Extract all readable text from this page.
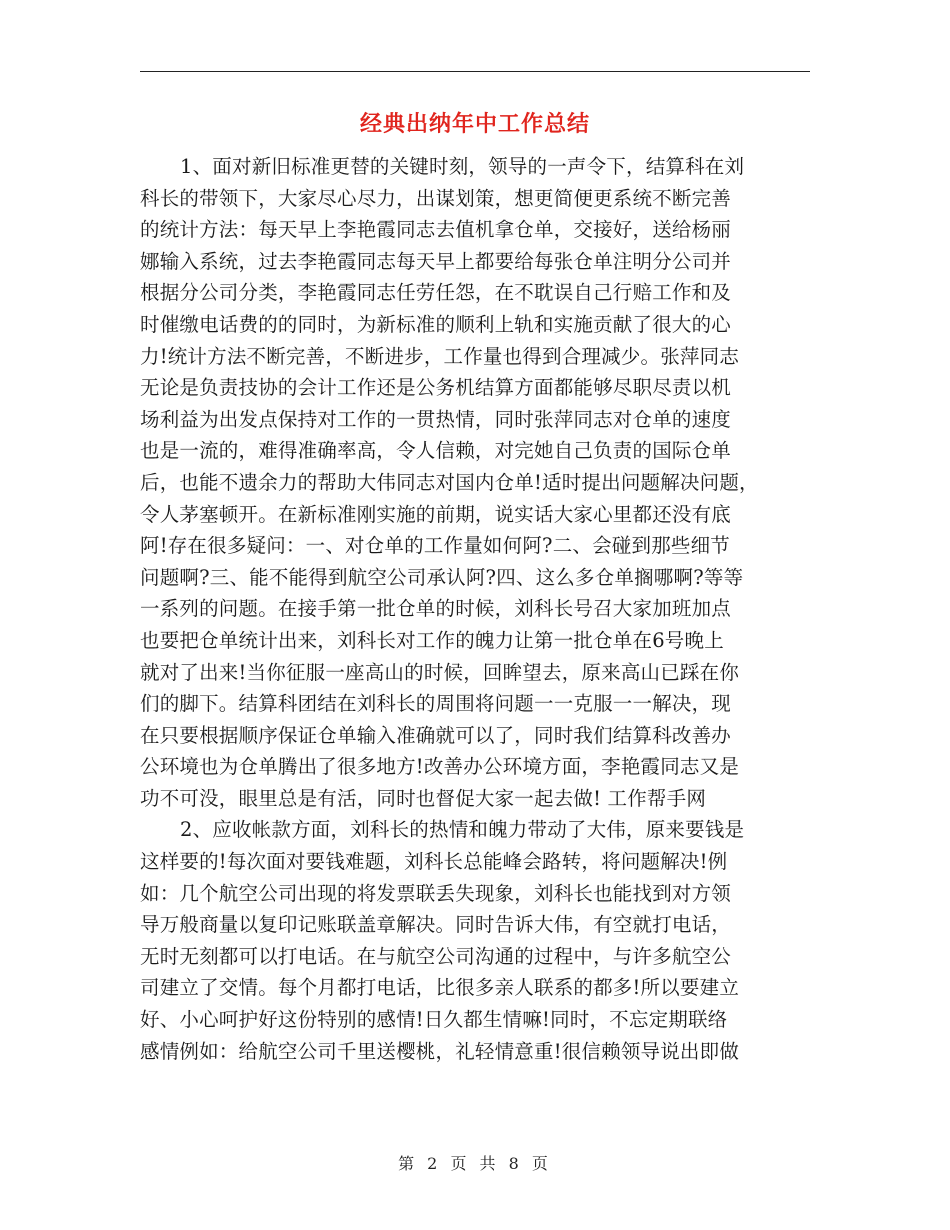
经典出纳年中工作总结
1、面对新旧标准更替的关键时刻，领导的一声令下，结算科在刘
科长的带领下，大家尽心尽力，出谋划策，想更简便更系统不断完善
的统计方法：每天早上李艳霞同志去值机拿仓单，交接好，送给杨丽
娜输入系统，过去李艳霞同志每天早上都要给每张仓单注明分公司并
根据分公司分类，李艳霞同志任劳任怨，在不耽误自己行赔工作和及
时催缴电话费的的同时，为新标准的顺利上轨和实施贡献了很大的心
力!统计方法不断完善，不断进步，工作量也得到合理减少。张萍同志
无论是负责技协的会计工作还是公务机结算方面都能够尽职尽责以机
场利益为出发点保持对工作的一贯热情，同时张萍同志对仓单的速度
也是一流的，难得准确率高，令人信赖，对完她自己负责的国际仓单
后，也能不遗余力的帮助大伟同志对国内仓单!适时提出问题解决问题，
令人茅塞顿开。在新标准刚实施的前期，说实话大家心里都还没有底
阿!存在很多疑问：一、对仓单的工作量如何阿?二、会碰到那些细节
问题啊?三、能不能得到航空公司承认阿?四、这么多仓单搁哪啊?等等
一系列的问题。在接手第一批仓单的时候，刘科长号召大家加班加点
也要把仓单统计出来，刘科长对工作的魄力让第一批仓单在6号晚上
就对了出来!当你征服一座高山的时候，回眸望去，原来高山已踩在你
们的脚下。结算科团结在刘科长的周围将问题一一克服一一解决，现
在只要根据顺序保证仓单输入准确就可以了，同时我们结算科改善办
公环境也为仓单腾出了很多地方!改善办公环境方面，李艳霞同志又是
功不可没，眼里总是有活，同时也督促大家一起去做! 工作帮手网
2、应收帐款方面，刘科长的热情和魄力带动了大伟，原来要钱是
这样要的!每次面对要钱难题，刘科长总能峰会路转，将问题解决!例
如：几个航空公司出现的将发票联丢失现象，刘科长也能找到对方领
导万般商量以复印记账联盖章解决。同时告诉大伟，有空就打电话，
无时无刻都可以打电话。在与航空公司沟通的过程中，与许多航空公
司建立了交情。每个月都打电话，比很多亲人联系的都多!所以要建立
好、小心呵护好这份特别的感情!日久都生情嘛!同时，不忘定期联络
感情例如：给航空公司千里送樱桃，礼轻情意重!很信赖领导说出即做
第 2 页 共 8 页
